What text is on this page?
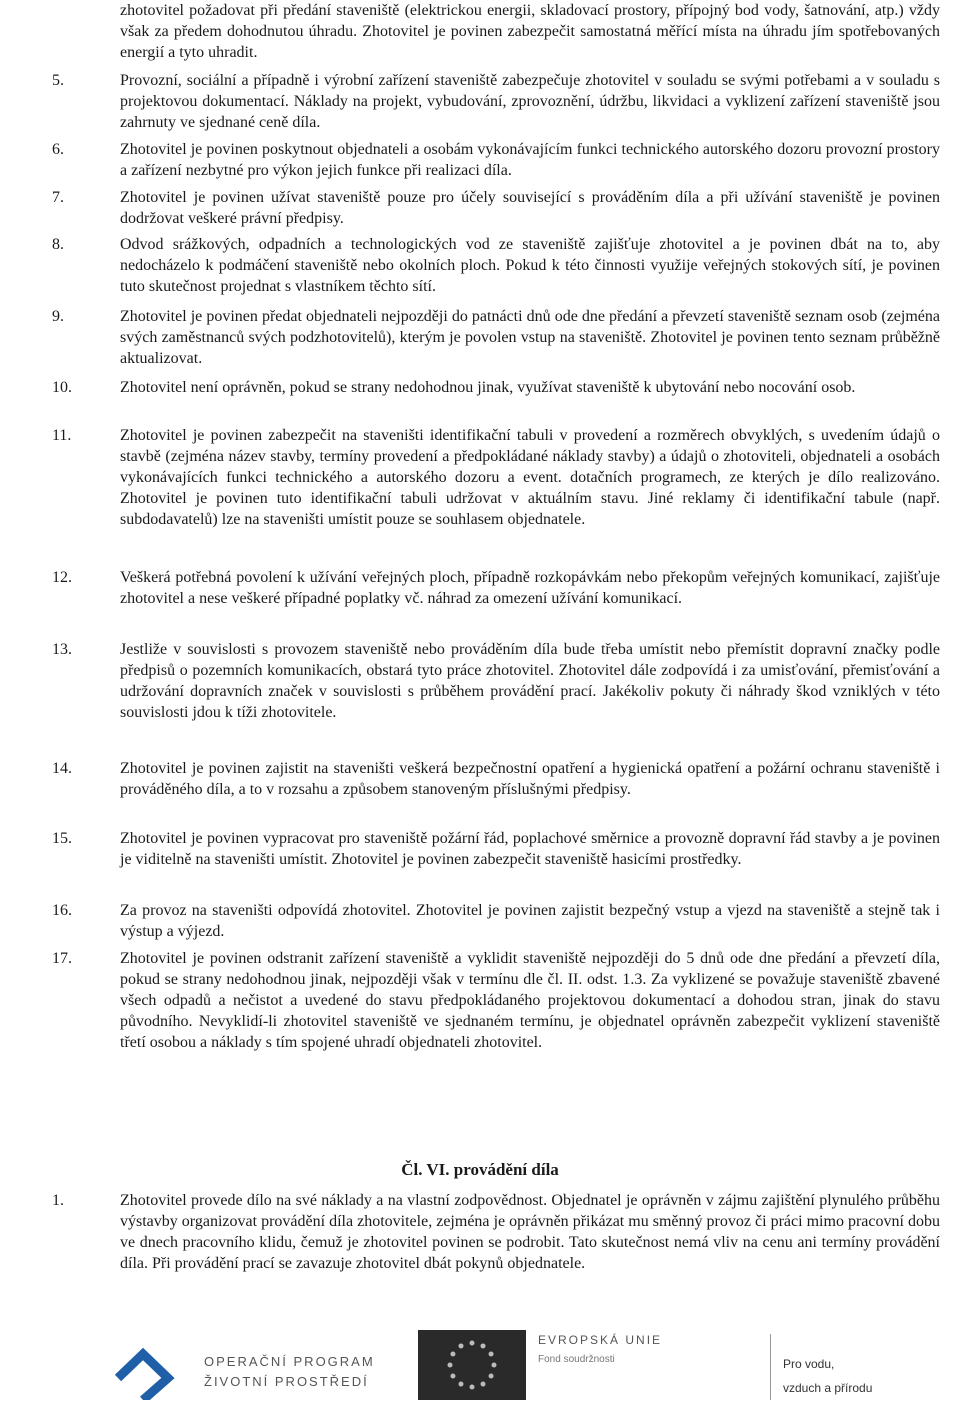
zhotovitel požadovat při předání staveniště (elektrickou energii, skladovací prostory, přípojný bod vody, šatnování, atp.) vždy však za předem dohodnutou úhradu. Zhotovitel je povinen zabezpečit samostatná měřící místa na úhradu jím spotřebovaných energií a tyto uhradit.
5.	Provozní, sociální a případně i výrobní zařízení staveniště zabezpečuje zhotovitel v souladu se svými potřebami a v souladu s projektovou dokumentací. Náklady na projekt, vybudování, zprovoznění, údržbu, likvidaci a vyklizení zařízení staveniště jsou zahrnuty ve sjednané ceně díla.
6.	Zhotovitel je povinen poskytnout objednateli a osobám vykonávajícím funkci technického autorského dozoru provozní prostory a zařízení nezbytné pro výkon jejich funkce při realizaci díla.
7.	Zhotovitel je povinen užívat staveniště pouze pro účely související s prováděním díla a při užívání staveniště je povinen dodržovat veškeré právní předpisy.
8.	Odvod srážkových, odpadních a technologických vod ze staveniště zajišťuje zhotovitel a je povinen dbát na to, aby nedocházelo k podmáčení staveniště nebo okolních ploch. Pokud k této činnosti využije veřejných stokových sítí, je povinen tuto skutečnost projednat s vlastníkem těchto sítí.
9.	Zhotovitel je povinen předat objednateli nejpozději do patnácti dnů ode dne předání a převzetí staveniště seznam osob (zejména svých zaměstnanců svých podzhotovitelů), kterým je povolen vstup na staveniště. Zhotovitel je povinen tento seznam průběžně aktualizovat.
10.	Zhotovitel není oprávněn, pokud se strany nedohodnou jinak, využívat staveniště k ubytování nebo nocování osob.
11.	Zhotovitel je povinen zabezpečit na staveništi identifikační tabuli v provedení a rozměrech obvyklých, s uvedením údajů o stavbě (zejména název stavby, termíny provedení a předpokládané náklady stavby) a údajů o zhotoviteli, objednateli a osobách vykonávajících funkci technického a autorského dozoru a event. dotačních programech, ze kterých je dílo realizováno. Zhotovitel je povinen tuto identifikační tabuli udržovat v aktuálním stavu. Jiné reklamy či identifikační tabule (např. subdodavatelů) lze na staveništi umístit pouze se souhlasem objednatele.
12.	Veškerá potřebná povolení k užívání veřejných ploch, případně rozkopávkám nebo překopům veřejných komunikací, zajišťuje zhotovitel a nese veškeré případné poplatky vč. náhrad za omezení užívání komunikací.
13.	Jestliže v souvislosti s provozem staveniště nebo prováděním díla bude třeba umístit nebo přemístit dopravní značky podle předpisů o pozemních komunikacích, obstará tyto práce zhotovitel. Zhotovitel dále zodpovídá i za umisťování, přemisťování a udržování dopravních značek v souvislosti s průběhem provádění prací. Jakékoliv pokuty či náhrady škod vzniklých v této souvislosti jdou k tíži zhotovitele.
14.	Zhotovitel je povinen zajistit na staveništi veškerá bezpečnostní opatření a hygienická opatření a požární ochranu staveniště i prováděného díla, a to v rozsahu a způsobem stanoveným příslušnými předpisy.
15.	Zhotovitel je povinen vypracovat pro staveniště požární řád, poplachové směrnice a provozně dopravní řád stavby a je povinen je viditelně na staveništi umístit. Zhotovitel je povinen zabezpečit staveniště hasicími prostředky.
16.	Za provoz na staveništi odpovídá zhotovitel. Zhotovitel je povinen zajistit bezpečný vstup a vjezd na staveniště a stejně tak i výstup a výjezd.
17.	Zhotovitel je povinen odstranit zařízení staveniště a vyklidit staveniště nejpozději do 5 dnů ode dne předání a převzetí díla, pokud se strany nedohodnou jinak, nejpozději však v termínu dle čl. II. odst. 1.3. Za vyklizené se považuje staveniště zbavené všech odpadů a nečistot a uvedené do stavu předpokládaného projektovou dokumentací a dohodou stran, jinak do stavu původního. Nevyklidí-li zhotovitel staveniště ve sjednaném termínu, je objednatel oprávněn zabezpečit vyklizení staveniště třetí osobou a náklady s tím spojené uhradí objednateli zhotovitel.
Čl. VI. provádění díla
1.	Zhotovitel provede dílo na své náklady a na vlastní zodpovědnost. Objednatel je oprávněn v zájmu zajištění plynulého průběhu výstavby organizovat provádění díla zhotovitele, zejména je oprávněn přikázat mu směnný provoz či práci mimo pracovní dobu ve dnech pracovního klidu, čemuž je zhotovitel povinen se podrobit. Tato skutečnost nemá vliv na cenu ani termíny provádění díla. Při provádění prací se zavazuje zhotovitel dbát pokynů objednatele.
OPERAČNÍ PROGRAM
ŽIVOTNÍ PROSTŘEDÍ
EVROPSKÁ UNIE
Fond soudržnosti	Pro vodu,
vzduch a přírodu
